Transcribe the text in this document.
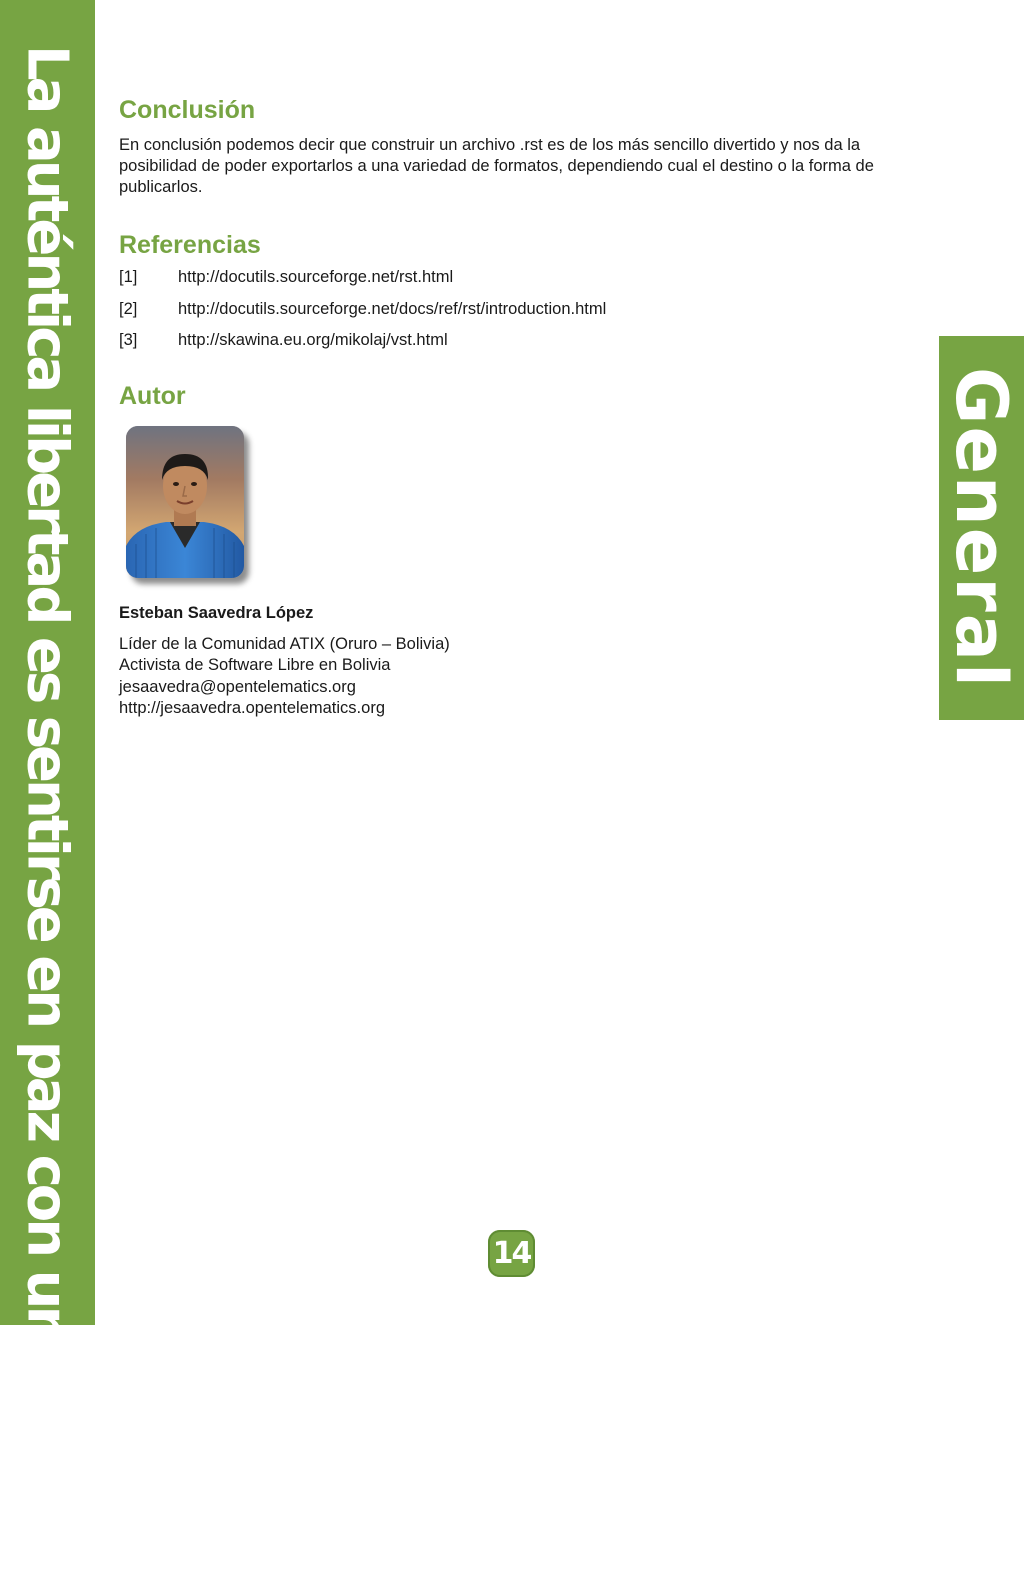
La auténtica libertad es sentirse en paz con uno mismo	General
Conclusión

En conclusión podemos decir que construir un archivo .rst es de los más sencillo divertido y nos da la posibilidad de poder exportarlos a una variedad de formatos, dependiendo cual el destino o la forma de publicarlos.

Referencias
[1]	http://docutils.sourceforge.net/rst.html
[2]	http://docutils.sourceforge.net/docs/ref/rst/introduction.html
[3]	http://skawina.eu.org/mikolaj/vst.html
Autor
Esteban Saavedra López
Líder de la Comunidad ATIX (Oruro – Bolivia)
Activista de Software Libre en Bolivia
jesaavedra@opentelematics.org
http://jesaavedra.opentelematics.org
14
